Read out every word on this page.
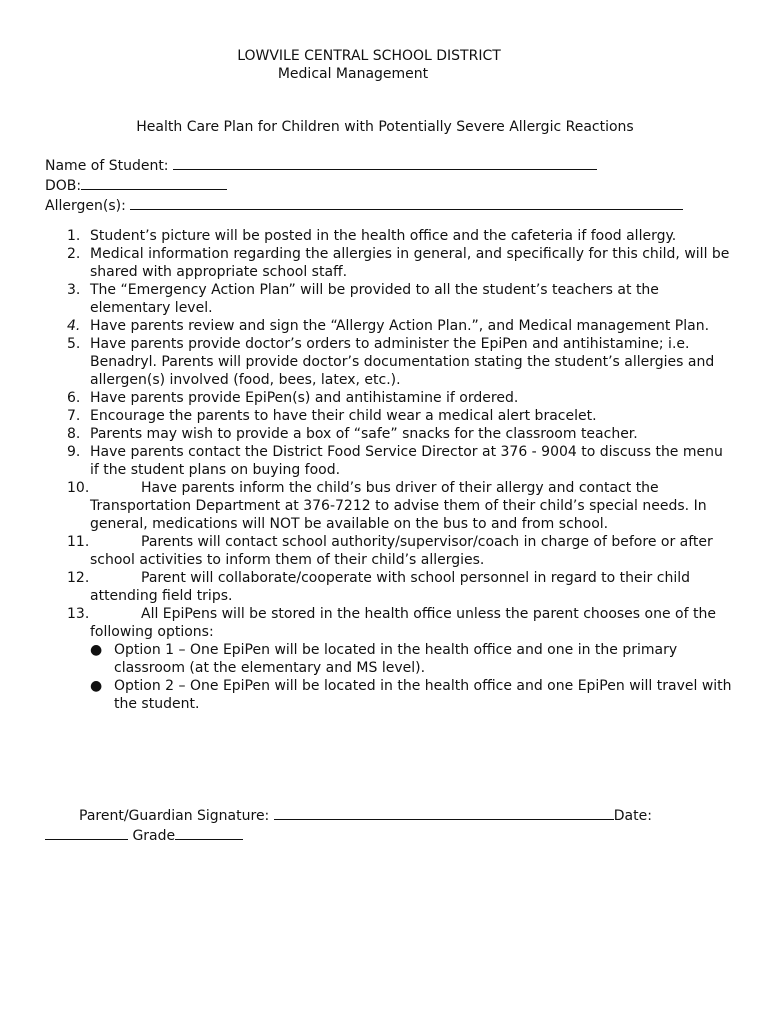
LOWVILE CENTRAL SCHOOL DISTRICT
Medical Management
Health Care Plan for Children with Potentially Severe Allergic Reactions
Name of Student:
DOB:
Allergen(s):
1. Student’s picture will be posted in the health office and the cafeteria if food allergy.
2. Medical information regarding the allergies in general, and specifically for this child, will be shared with appropriate school staff.
3. The “Emergency Action Plan” will be provided to all the student’s teachers at the elementary level.
4. Have parents review and sign the “Allergy Action Plan.”, and Medical management Plan.
5. Have parents provide doctor’s orders to administer the EpiPen and antihistamine; i.e. Benadryl. Parents will provide doctor’s documentation stating the student’s allergies and allergen(s) involved (food, bees, latex, etc.).
6. Have parents provide EpiPen(s) and antihistamine if ordered.
7. Encourage the parents to have their child wear a medical alert bracelet.
8. Parents may wish to provide a box of “safe” snacks for the classroom teacher.
9. Have parents contact the District Food Service Director at 376 - 9004 to discuss the menu if the student plans on buying food.
10.	Have parents inform the child’s bus driver of their allergy and contact the Transportation Department at 376-7212 to advise them of their child’s special needs. In general, medications will NOT be available on the bus to and from school.
11.	Parents will contact school authority/supervisor/coach in charge of before or after school activities to inform them of their child’s allergies.
12.	Parent will collaborate/cooperate with school personnel in regard to their child attending field trips.
13.	All EpiPens will be stored in the health office unless the parent chooses one of the following options:
● Option 1 – One EpiPen will be located in the health office and one in the primary classroom (at the elementary and MS level).
● Option 2 – One EpiPen will be located in the health office and one EpiPen will travel with the student.
Parent/Guardian Signature:	Date:
Grade
